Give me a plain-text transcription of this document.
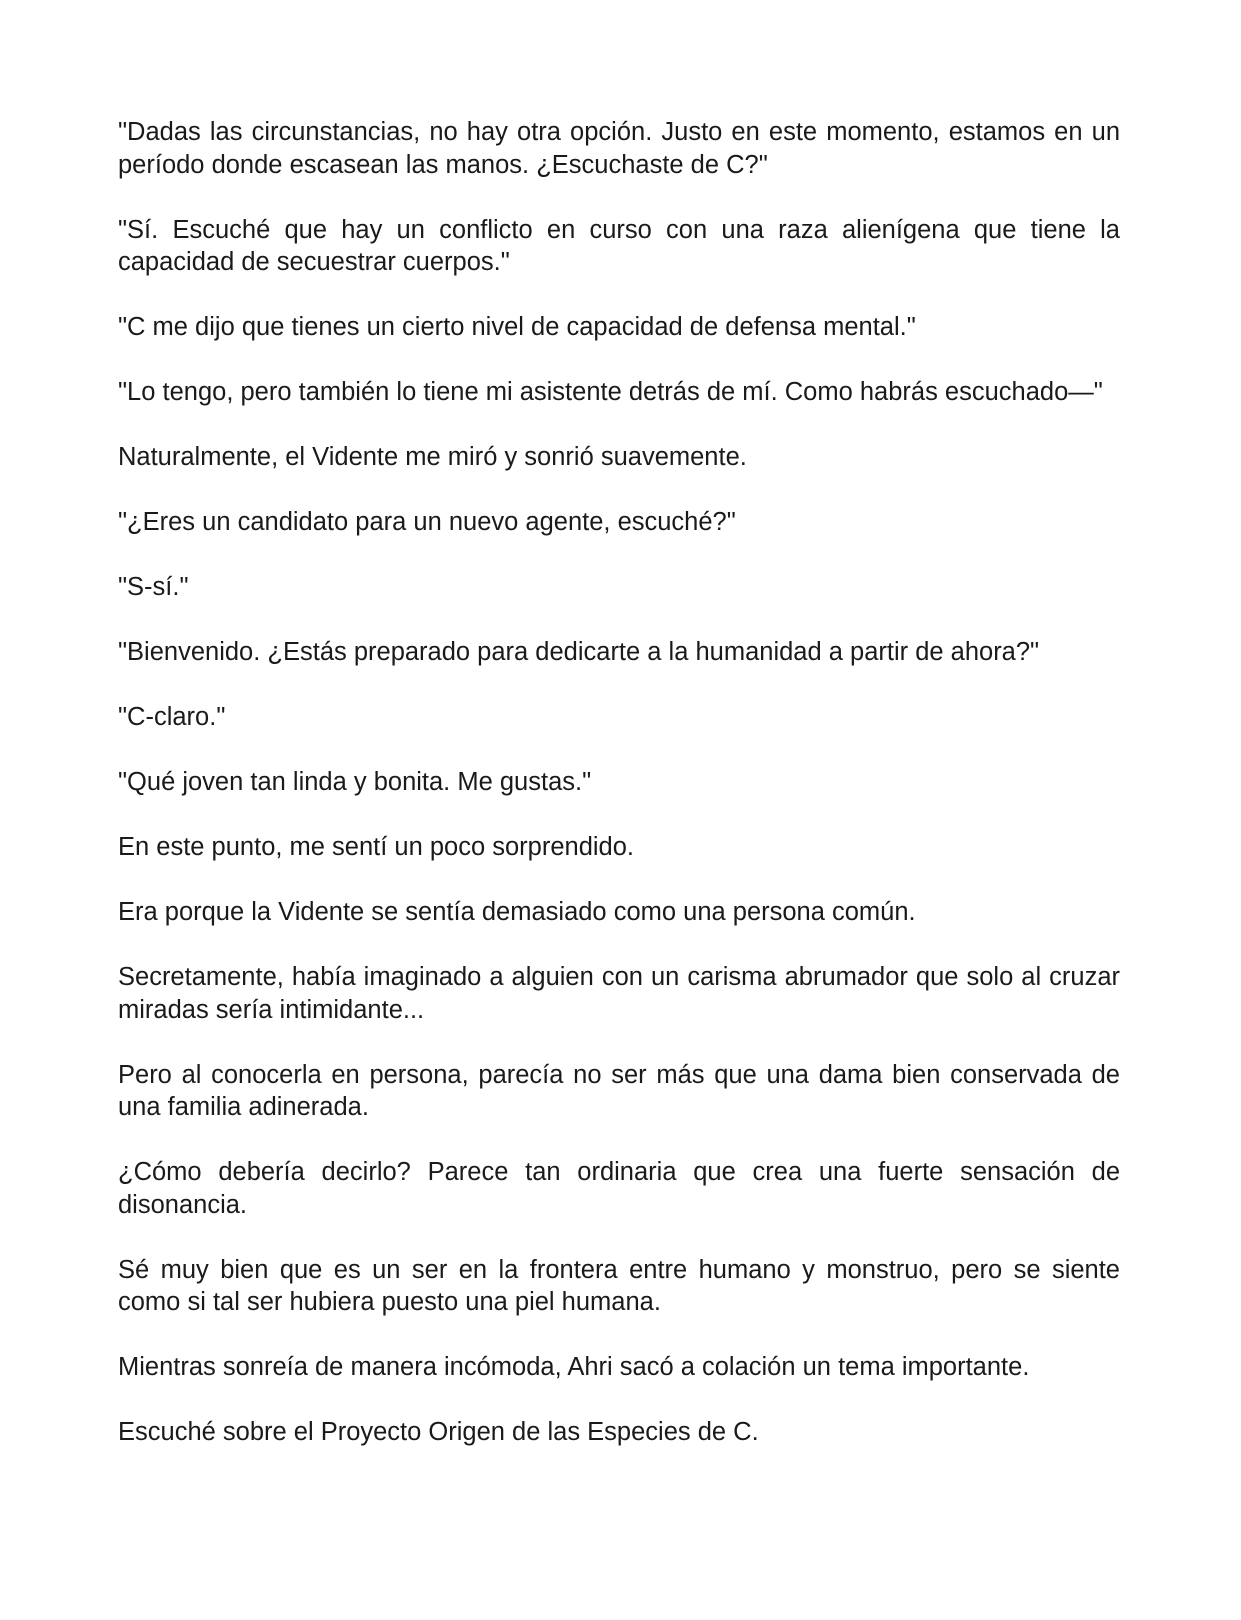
"Dadas las circunstancias, no hay otra opción. Justo en este momento, estamos en un período donde escasean las manos. ¿Escuchaste de C?"

"Sí. Escuché que hay un conflicto en curso con una raza alienígena que tiene la capacidad de secuestrar cuerpos."

"C me dijo que tienes un cierto nivel de capacidad de defensa mental."

"Lo tengo, pero también lo tiene mi asistente detrás de mí. Como habrás escuchado—"

Naturalmente, el Vidente me miró y sonrió suavemente.

"¿Eres un candidato para un nuevo agente, escuché?"

"S-sí."

"Bienvenido. ¿Estás preparado para dedicarte a la humanidad a partir de ahora?"

"C-claro."

"Qué joven tan linda y bonita. Me gustas."

En este punto, me sentí un poco sorprendido.

Era porque la Vidente se sentía demasiado como una persona común.

Secretamente, había imaginado a alguien con un carisma abrumador que solo al cruzar miradas sería intimidante...

Pero al conocerla en persona, parecía no ser más que una dama bien conservada de una familia adinerada.

¿Cómo debería decirlo? Parece tan ordinaria que crea una fuerte sensación de disonancia.

Sé muy bien que es un ser en la frontera entre humano y monstruo, pero se siente como si tal ser hubiera puesto una piel humana.

Mientras sonreía de manera incómoda, Ahri sacó a colación un tema importante.

Escuché sobre el Proyecto Origen de las Especies de C.
